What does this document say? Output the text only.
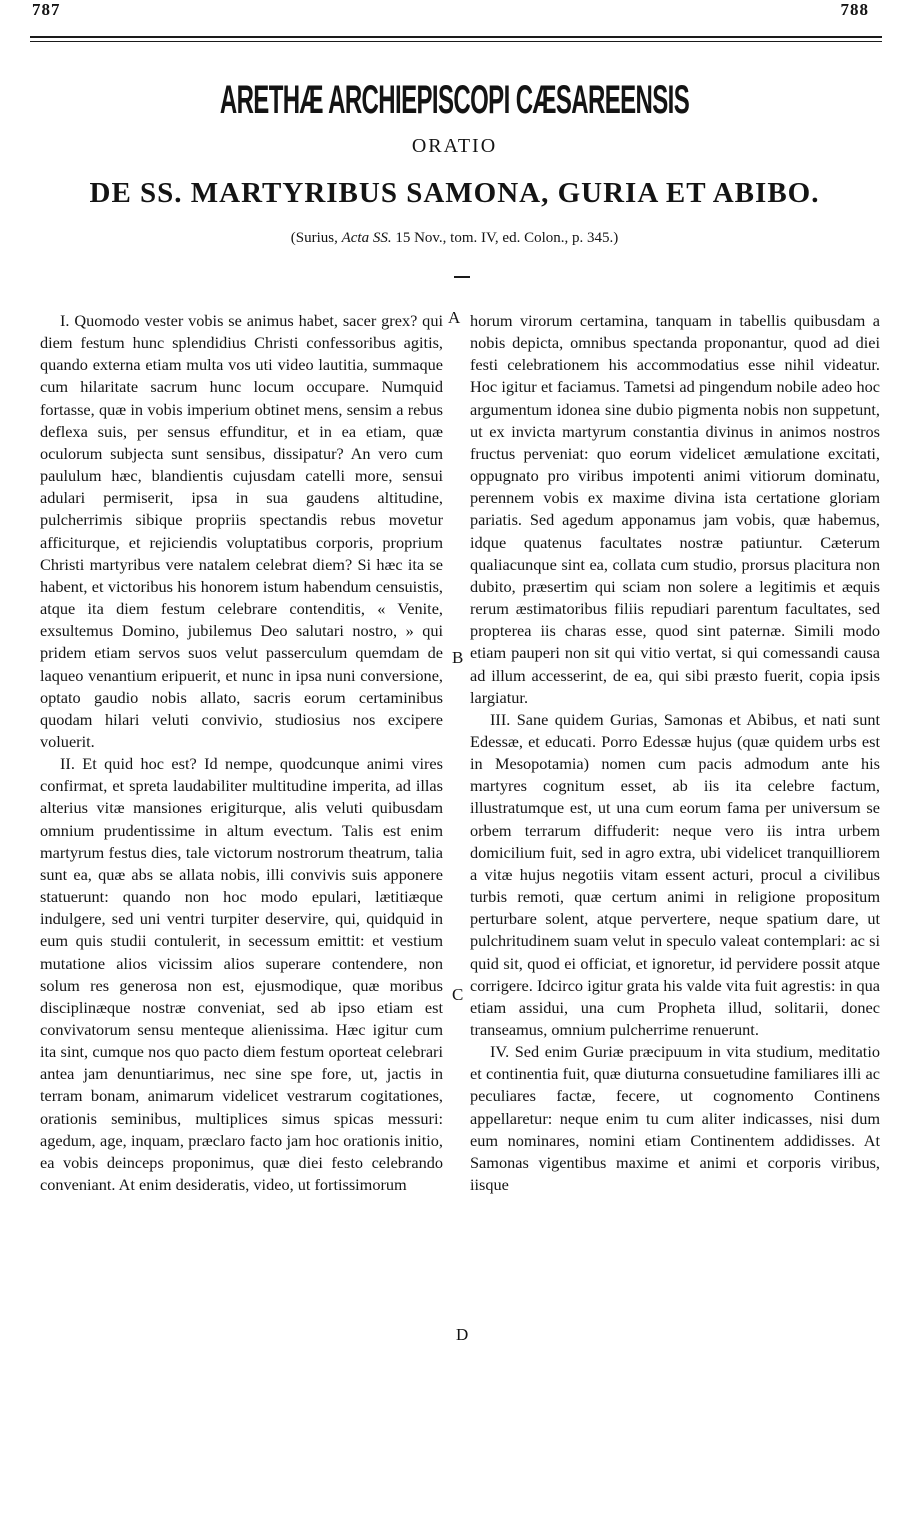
787	788
ARETHÆ ARCHIEPISCOPI CÆSAREENSIS
ORATIO
DE SS. MARTYRIBUS SAMONA, GURIA ET ABIBO.
(Surius, Acta SS. 15 Nov., tom. IV, ed. Colon., p. 345.)

I. Quomodo vester vobis se animus habet, sacer greх? qui diem festum hunc splendidius Christi confessoribus agitis, quando externa etiam multa vos uti video lautitia, summaque cum hilaritate sacrum hunc locum occupare. Numquid fortasse, quæ in vobis imperium obtinet mens, sensim a rebus deflexa suis, per sensus effunditur, et in ea etiam, quæ oculorum subjecta sunt sensibus, dissipatur? An vero cum paululum hæc, blandientis cujusdam catelli more, sensui adulari permiserit, ipsa in sua gaudens altitudine, pulcherrimis sibique propriis spectandis rebus movetur afficiturque, et rejiciendis voluptatibus corporis, proprium Christi martyribus vere natalem celebrat diem? Si hæc ita se habent, et victoribus his honorem istum habendum censuistis, atque ita diem festum celebrare contenditis, « Venite, exsultemus Domino, jubilemus Deo salutari nostro, » qui pridem etiam servos suos velut passerculum quemdam de laqueo venantium eripuerit, et nunc in ipsa nuni conversione, optato gaudio nobis allato, sacris eorum certaminibus quodam hilari veluti convivio, studiosius nos excipere voluerit.

II. Et quid hoc est? Id nempe, quodcunque animi vires confirmat, et spreta laudabiliter multitudine imperita, ad illas alterius vitæ mansiones erigiturque, alis veluti quibusdam omnium prudentissime in altum evectum. Talis est enim martyrum festus dies, tale victorum nostrorum theatrum, talia sunt ea, quæ abs se allata nobis, illi convivis suis apponere statuerunt: quando non hoc modo epulari, lætitiæque indulgere, sed uni ventri turpiter deservire, qui, quidquid in eum quis studii contulerit, in secessum emittit: et vestium mutatione alios vicissim alios superare contendere, non solum res generosa non est, ejusmodique, quæ moribus disciplinæque nostræ conveniat, sed ab ipso etiam est convivatorum sensu menteque alienissima. Hæc igitur cum ita sint, cumque nos quo pacto diem festum oporteat celebrari antea jam denuntiarimus, nec sine spe fore, ut, jactis in terram bonam, animarum videlicet vestrarum cogitationes, orationis seminibus, multiplices simus spicas messuri: agedum, age, inquam, præclaro facto jam hoc orationis initio, ea vobis deinceps proponimus, quæ diei festo celebrando conveniant. At enim desideratis, video, ut fortissimorum

horum virorum certamina, tanquam in tabellis quibusdam a nobis depicta, omnibus spectanda proponantur, quod ad diei festi celebrationem his accommodatius esse nihil videatur. Hoc igitur et faciamus. Tametsi ad pingendum nobile adeo hoc argumentum idonea sine dubio pigmenta nobis non suppetunt, ut ex invicta martyrum constantia divinus in animos nostros fructus perveniat: quo eorum videlicet æmulatione excitati, oppugnato pro viribus impotenti animi vitiorum dominatu, perennem vobis ex maxime divina ista certatione gloriam pariatis. Sed agedum apponamus jam vobis, quæ habemus, idque quatenus facultates nostræ patiuntur. Cæterum qualiacunque sint ea, collata cum studio, prorsus placitura non dubito, præsertim qui sciam non solere a legitimis et æquis rerum æstimatoribus filiis repudiari parentum facultates, sed propterea iis charas esse, quod sint paternæ. Simili modo etiam pauperi non sit qui vitio vertat, si qui comessandi causa ad illum accesserint, de ea, qui sibi præsto fuerit, copia ipsis largiatur.

III. Sane quidem Gurias, Samonas et Abibus, et nati sunt Edessæ, et educati. Porro Edessæ hujus (quæ quidem urbs est in Mesopotamia) nomen cum pacis admodum ante his martyres cognitum esset, ab iis ita celebre factum, illustratumque est, ut una cum eorum fama per universum se orbem terrarum diffuderit: neque vero iis intra urbem domicilium fuit, sed in agro extra, ubi videlicet tranquilliorem a vitæ hujus negotiis vitam essent acturi, procul a civilibus turbis remoti, quæ certum animi in religione propositum perturbare solent, atque pervertere, neque spatium dare, ut pulchritudinem suam velut in speculo valeat contemplari: ac si quid sit, quod ei officiat, et ignoretur, id pervidere possit atque corrigere. Idcirco igitur grata his valde vita fuit agrestis: in qua etiam assidui, una cum Propheta illud, solitarii, donec transeamus, omnium pulcherrime renuerunt.

IV. Sed enim Guriæ præcipuum in vita studium, meditatio et continentia fuit, quæ diuturna consuetudine familiares illi ac peculiares factæ, fecere, ut cognomento Continens appellaretur: neque enim tu cum aliter indicasses, nisi dum eum nominares, nomini etiam Continentem addidisses. At Samonas vigentibus maxime et animi et corporis viribus, iisque

A
B
C
D
